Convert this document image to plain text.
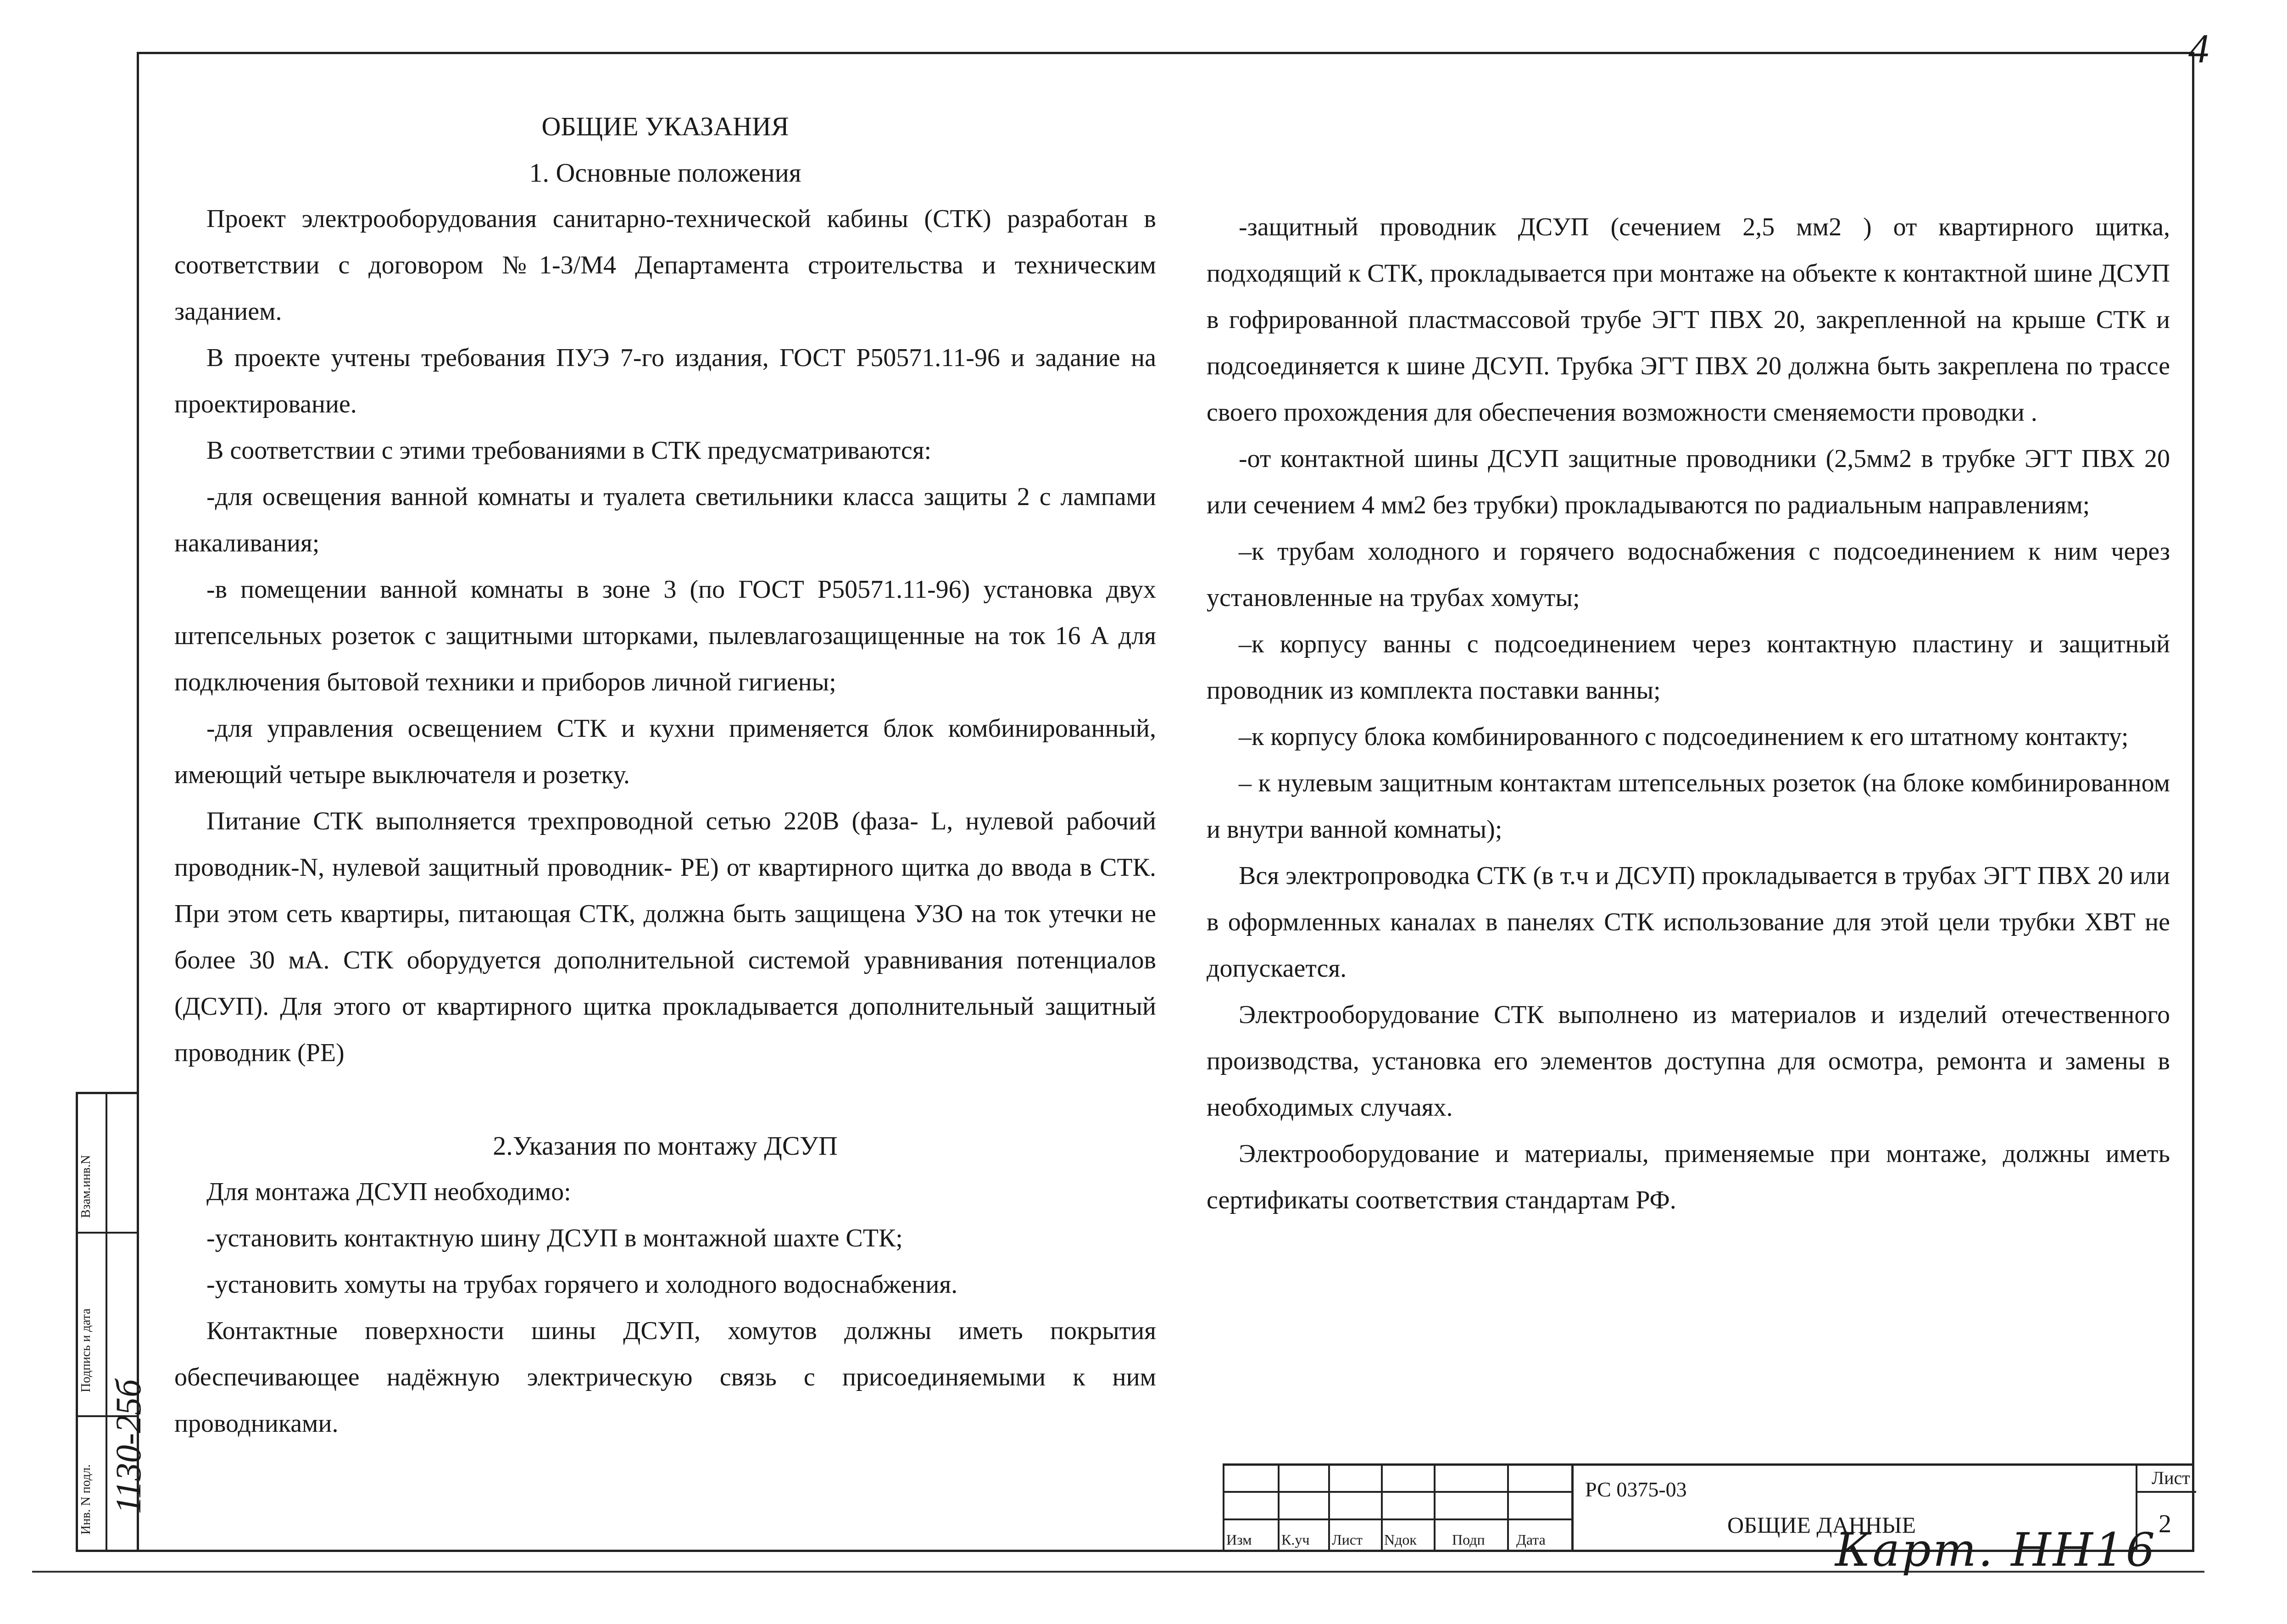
4
ОБЩИЕ УКАЗАНИЯ
1. Основные положения

Проект электрооборудования санитарно-технической кабины (СТК) разработан в соответствии с договором №1-3/М4 Департамента строительства и техническим заданием.

В проекте учтены требования ПУЭ 7-го издания, ГОСТ Р50571.11-96 и задание на проектирование.

В соответствии с этими требованиями в СТК предусматриваются:

-для освещения ванной комнаты и туалета светильники класса защиты 2 с лампами накаливания;

-в помещении ванной комнаты в зоне 3 (по ГОСТ Р50571.11-96) установка двух штепсельных розеток с защитными шторками, пылевлагозащищенные на ток 16 А для подключения бытовой техники и приборов личной гигиены;

-для управления освещением СТК и кухни применяется блок комбинированный, имеющий четыре выключателя и розетку.

Питание СТК выполняется трехпроводной сетью 220В (фаза- L, нулевой рабочий проводник-N, нулевой защитный проводник- РЕ) от квартирного щитка до ввода в СТК. При этом сеть квартиры, питающая СТК, должна быть защищена УЗО на ток утечки не более 30 мА. СТК оборудуется дополнительной системой уравнивания потенциалов (ДСУП). Для этого от квартирного щитка прокладывается дополнительный защитный проводник (РЕ)

2.Указания по монтажу ДСУП

Для монтажа ДСУП необходимо:

-установить контактную шину ДСУП в монтажной шахте СТК;

-установить хомуты на трубах горячего и холодного водоснабжения.

Контактные поверхности шины ДСУП, хомутов должны иметь покрытия обеспечивающее надёжную электрическую связь с присоединяемыми к ним проводниками.

-защитный проводник ДСУП (сечением 2,5 мм2 ) от квартирного щитка, подходящий к СТК, прокладывается при монтаже на объекте к контактной шине ДСУП в гофрированной пластмассовой трубе ЭГТ ПВХ 20, закрепленной на крыше СТК и подсоединяется к шине ДСУП. Трубка ЭГТ ПВХ 20 должна быть закреплена по трассе своего прохождения для обеспечения возможности сменяемости проводки .

-от контактной шины ДСУП защитные проводники (2,5мм2 в трубке ЭГТ ПВХ 20 или сечением 4 мм2 без трубки) прокладываются по радиальным направлениям;

–к трубам холодного и горячего водоснабжения с подсоединением к ним через установленные на трубах хомуты;

–к корпусу ванны с подсоединением через контактную пластину и защитный проводник из комплекта поставки ванны;

–к корпусу блока комбинированного с подсоединением к его штатному контакту;

– к нулевым защитным контактам штепсельных розеток (на блоке комбинированном и внутри ванной комнаты);

Вся электропроводка СТК (в т.ч и ДСУП) прокладывается в трубах ЭГТ ПВХ 20 или в оформленных каналах в панелях СТК использование для этой цели трубки ХВТ не допускается.

Электрооборудование СТК выполнено из материалов и изделий отечественного производства, установка его элементов доступна для осмотра, ремонта и замены в необходимых случаях.

Электрооборудование и материалы, применяемые при монтаже, должны иметь сертификаты соответствия стандартам РФ.

Взам.инв.N
Подпись и дата
Инв. N подл. 1130-25б
Изм К.уч Лист Nдок Подп Дата
РС 0375-03
ОБЩИЕ ДАННЫЕ
Лист
2
Карт. НН16
